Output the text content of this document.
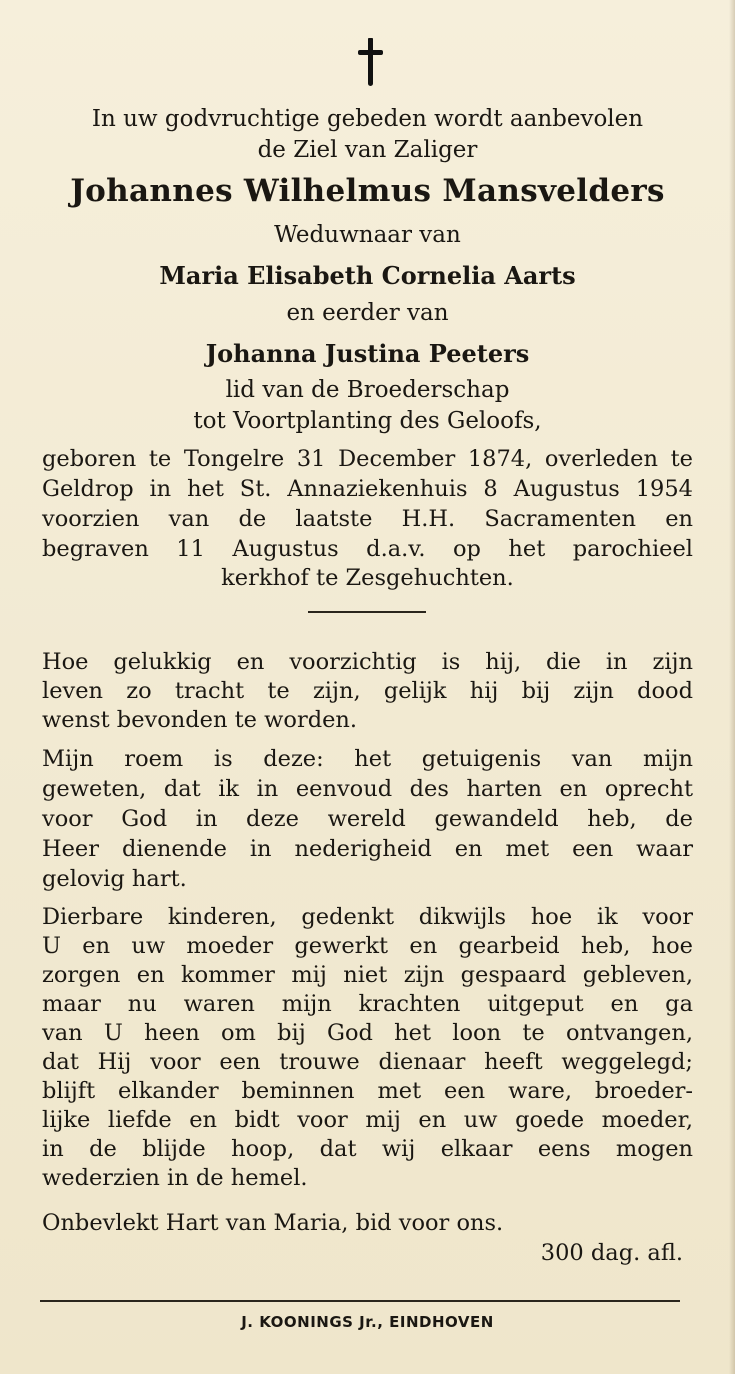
In uw godvruchtige gebeden wordt aanbevolen
de Ziel van Zaliger
Johannes Wilhelmus Mansvelders
Weduwnaar van
Maria Elisabeth Cornelia Aarts
en eerder van
Johanna Justina Peeters
lid van de Broederschap
tot Voortplanting des Geloofs,
geboren te Tongelre 31 December 1874, overleden te
Geldrop in het St. Annaziekenhuis 8 Augustus 1954
voorzien van de laatste H.H. Sacramenten en
begraven 11 Augustus d.a.v. op het parochieel
kerkhof te Zesgehuchten.
Hoe gelukkig en voorzichtig is hij, die in zijn
leven zo tracht te zijn, gelijk hij bij zijn dood
wenst bevonden te worden.
Mijn roem is deze: het getuigenis van mijn
geweten, dat ik in eenvoud des harten en oprecht
voor God in deze wereld gewandeld heb, de
Heer dienende in nederigheid en met een waar
gelovig hart.
Dierbare kinderen, gedenkt dikwijls hoe ik voor
U en uw moeder gewerkt en gearbeid heb, hoe
zorgen en kommer mij niet zijn gespaard gebleven,
maar nu waren mijn krachten uitgeput en ga
van U heen om bij God het loon te ontvangen,
dat Hij voor een trouwe dienaar heeft weggelegd;
blijft elkander beminnen met een ware, broeder-
lijke liefde en bidt voor mij en uw goede moeder,
in de blijde hoop, dat wij elkaar eens mogen
wederzien in de hemel.
Onbevlekt Hart van Maria, bid voor ons.
300 dag. afl.
J. KOONINGS Jr., EINDHOVEN
